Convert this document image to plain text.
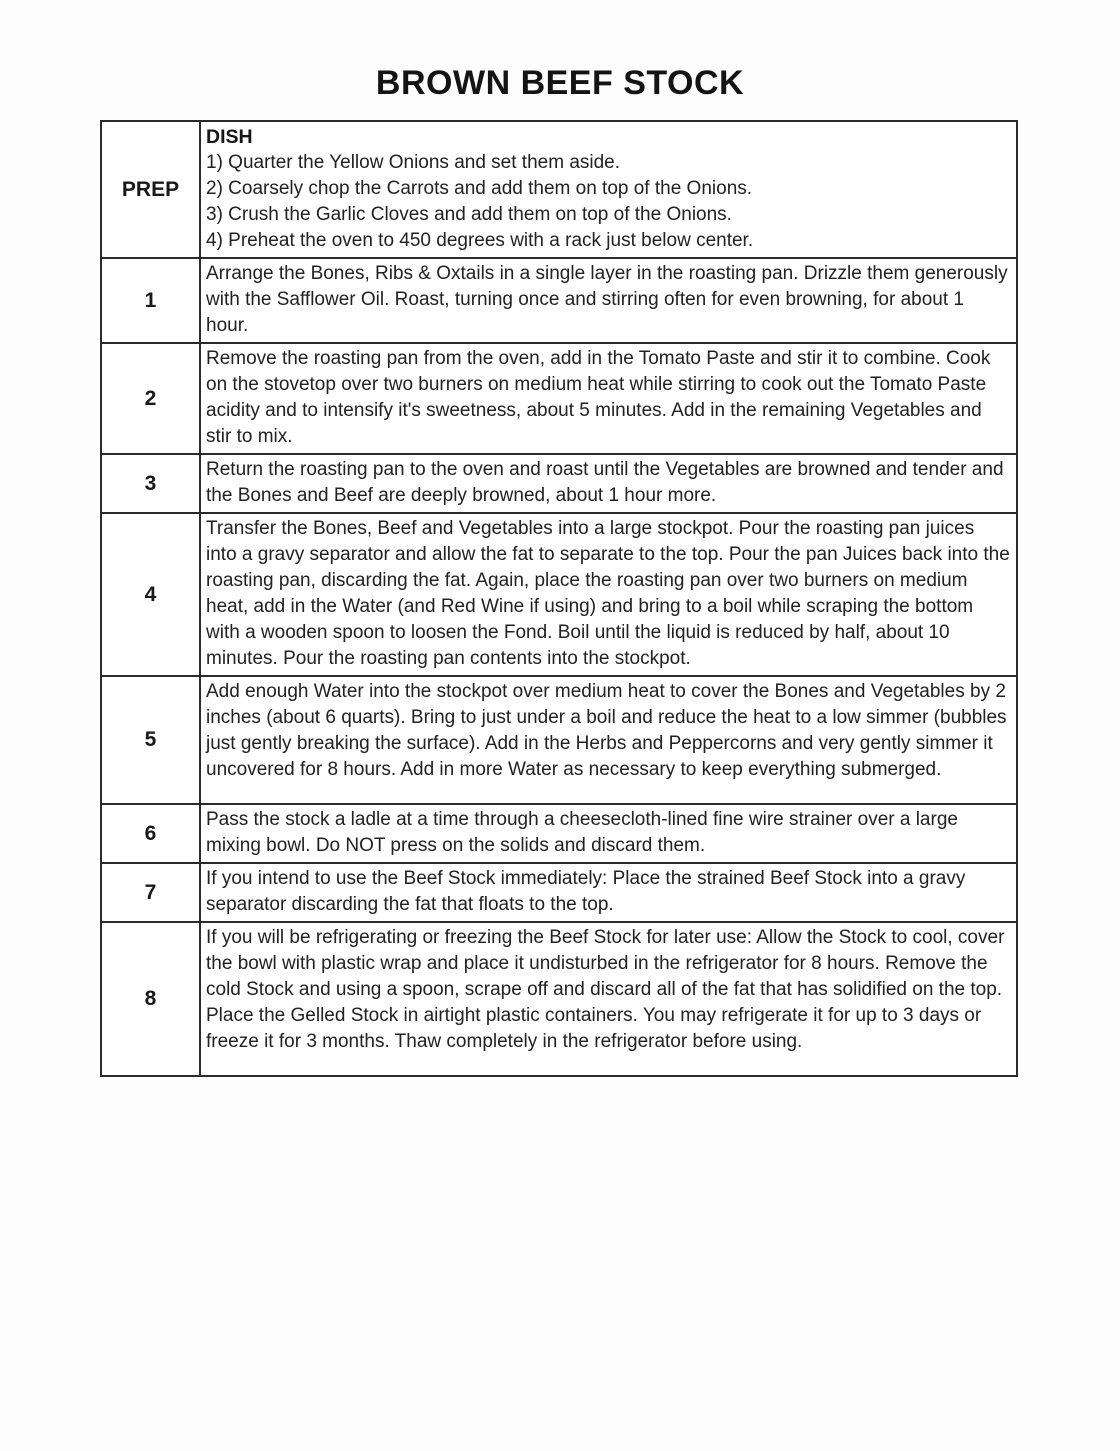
BROWN BEEF STOCK
PREP	DISH
1) Quarter the Yellow Onions and set them aside.
2) Coarsely chop the Carrots and add them on top of the Onions.
3) Crush the Garlic Cloves and add them on top of the Onions.
4) Preheat the oven to 450 degrees with a rack just below center.

1	Arrange the Bones, Ribs & Oxtails in a single layer in the roasting pan. Drizzle them generously with the Safflower Oil. Roast, turning once and stirring often for even browning, for about 1 hour.
2	Remove the roasting pan from the oven, add in the Tomato Paste and stir it to combine. Cook on the stovetop over two burners on medium heat while stirring to cook out the Tomato Paste acidity and to intensify it's sweetness, about 5 minutes. Add in the remaining Vegetables and stir to mix.
3	Return the roasting pan to the oven and roast until the Vegetables are browned and tender and the Bones and Beef are deeply browned, about 1 hour more.
4	Transfer the Bones, Beef and Vegetables into a large stockpot. Pour the roasting pan juices into a gravy separator and allow the fat to separate to the top. Pour the pan Juices back into the roasting pan, discarding the fat. Again, place the roasting pan over two burners on medium heat, add in the Water (and Red Wine if using) and bring to a boil while scraping the bottom with a wooden spoon to loosen the Fond. Boil until the liquid is reduced by half, about 10 minutes. Pour the roasting pan contents into the stockpot.
5	Add enough Water into the stockpot over medium heat to cover the Bones and Vegetables by 2 inches (about 6 quarts). Bring to just under a boil and reduce the heat to a low simmer (bubbles just gently breaking the surface). Add in the Herbs and Peppercorns and very gently simmer it uncovered for 8 hours. Add in more Water as necessary to keep everything submerged.
6	Pass the stock a ladle at a time through a cheesecloth-lined fine wire strainer over a large mixing bowl. Do NOT press on the solids and discard them.
7	If you intend to use the Beef Stock immediately: Place the strained Beef Stock into a gravy separator discarding the fat that floats to the top.
8	If you will be refrigerating or freezing the Beef Stock for later use: Allow the Stock to cool, cover the bowl with plastic wrap and place it undisturbed in the refrigerator for 8 hours. Remove the cold Stock and using a spoon, scrape off and discard all of the fat that has solidified on the top. Place the Gelled Stock in airtight plastic containers. You may refrigerate it for up to 3 days or freeze it for 3 months. Thaw completely in the refrigerator before using.
